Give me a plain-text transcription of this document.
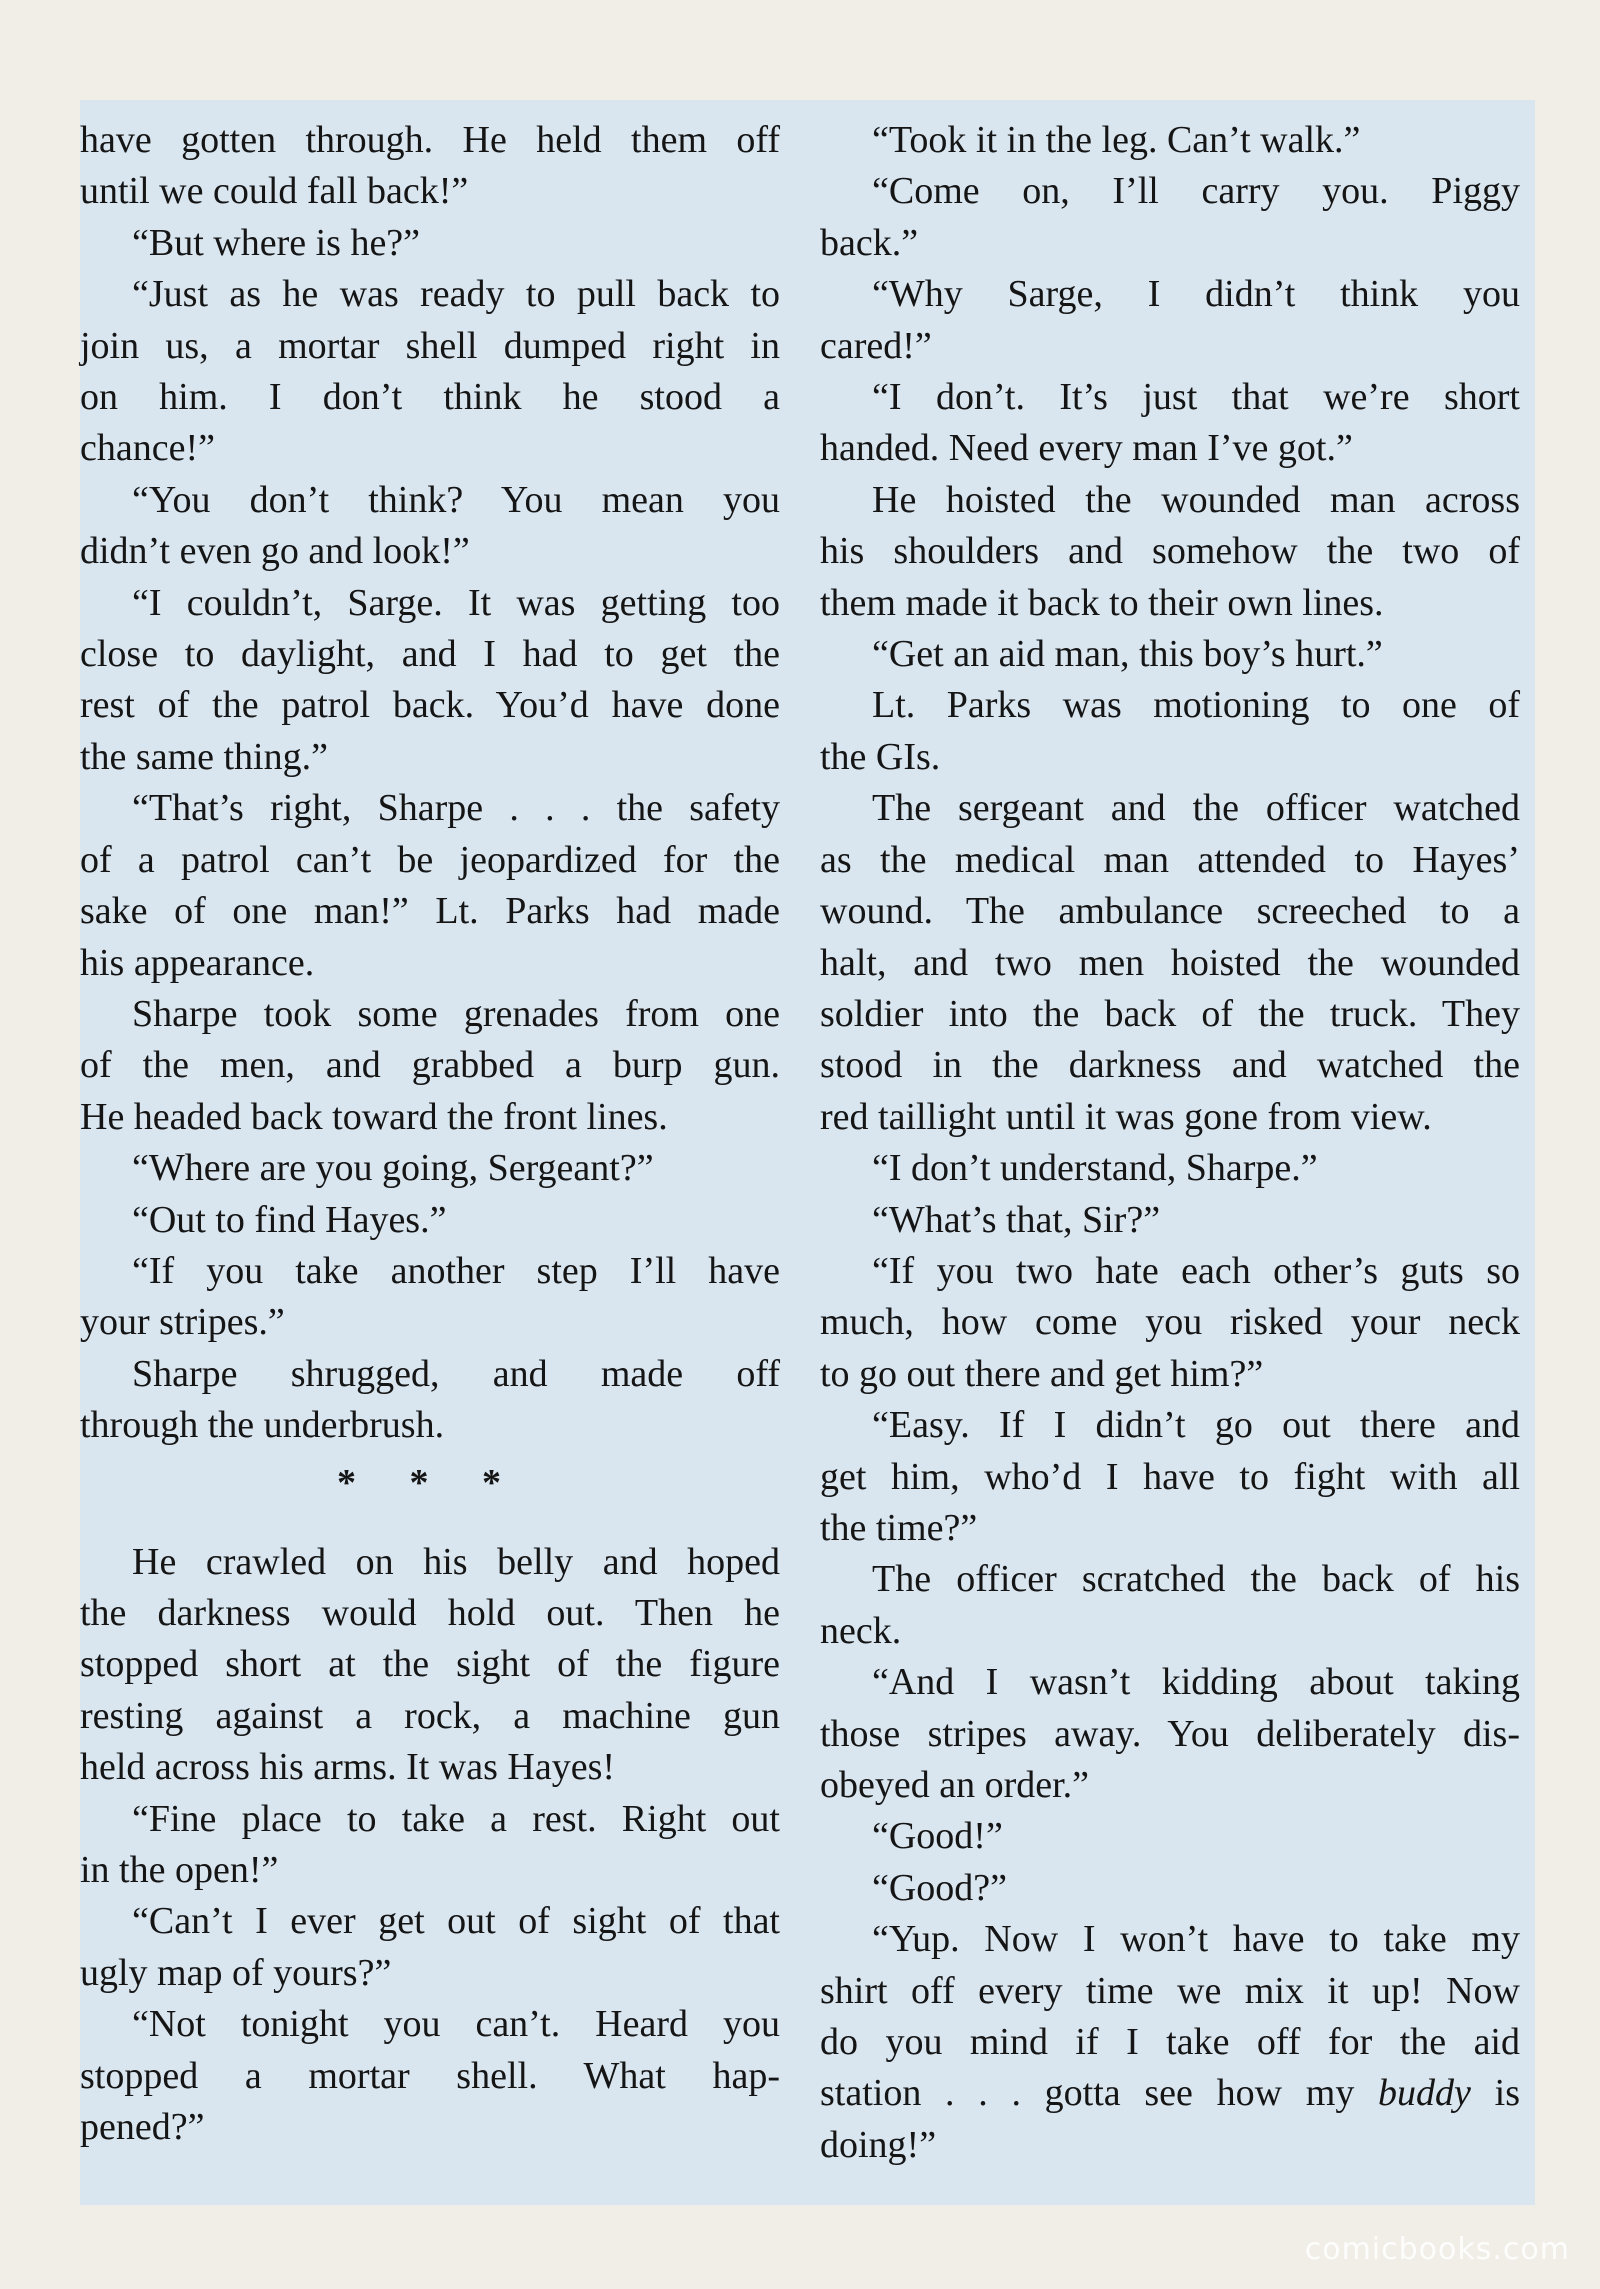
have gotten through. He held them off
until we could fall back!”
“But where is he?”
“Just as he was ready to pull back to
join us, a mortar shell dumped right in
on him. I don’t think he stood a
chance!”
“You don’t think? You mean you
didn’t even go and look!”
“I couldn’t, Sarge. It was getting too
close to daylight, and I had to get the
rest of the patrol back. You’d have done
the same thing.”
“That’s right, Sharpe . . . the safety
of a patrol can’t be jeopardized for the
sake of one man!” Lt. Parks had made
his appearance.
Sharpe took some grenades from one
of the men, and grabbed a burp gun.
He headed back toward the front lines.
“Where are you going, Sergeant?”
“Out to find Hayes.”
“If you take another step I’ll have
your stripes.”
Sharpe shrugged, and made off
through the underbrush.
* * *
He crawled on his belly and hoped
the darkness would hold out. Then he
stopped short at the sight of the figure
resting against a rock, a machine gun
held across his arms. It was Hayes!
“Fine place to take a rest. Right out
in the open!”
“Can’t I ever get out of sight of that
ugly map of yours?”
“Not tonight you can’t. Heard you
stopped a mortar shell. What hap-
pened?”
“Took it in the leg. Can’t walk.”
“Come on, I’ll carry you. Piggy
back.”
“Why Sarge, I didn’t think you
cared!”
“I don’t. It’s just that we’re short
handed. Need every man I’ve got.”
He hoisted the wounded man across
his shoulders and somehow the two of
them made it back to their own lines.
“Get an aid man, this boy’s hurt.”
Lt. Parks was motioning to one of
the GIs.
The sergeant and the officer watched
as the medical man attended to Hayes’
wound. The ambulance screeched to a
halt, and two men hoisted the wounded
soldier into the back of the truck. They
stood in the darkness and watched the
red taillight until it was gone from view.
“I don’t understand, Sharpe.”
“What’s that, Sir?”
“If you two hate each other’s guts so
much, how come you risked your neck
to go out there and get him?”
“Easy. If I didn’t go out there and
get him, who’d I have to fight with all
the time?”
The officer scratched the back of his
neck.
“And I wasn’t kidding about taking
those stripes away. You deliberately dis-
obeyed an order.”
“Good!”
“Good?”
“Yup. Now I won’t have to take my
shirt off every time we mix it up! Now
do you mind if I take off for the aid
station . . . gotta see how my buddy is
doing!”
comicbooks.com
